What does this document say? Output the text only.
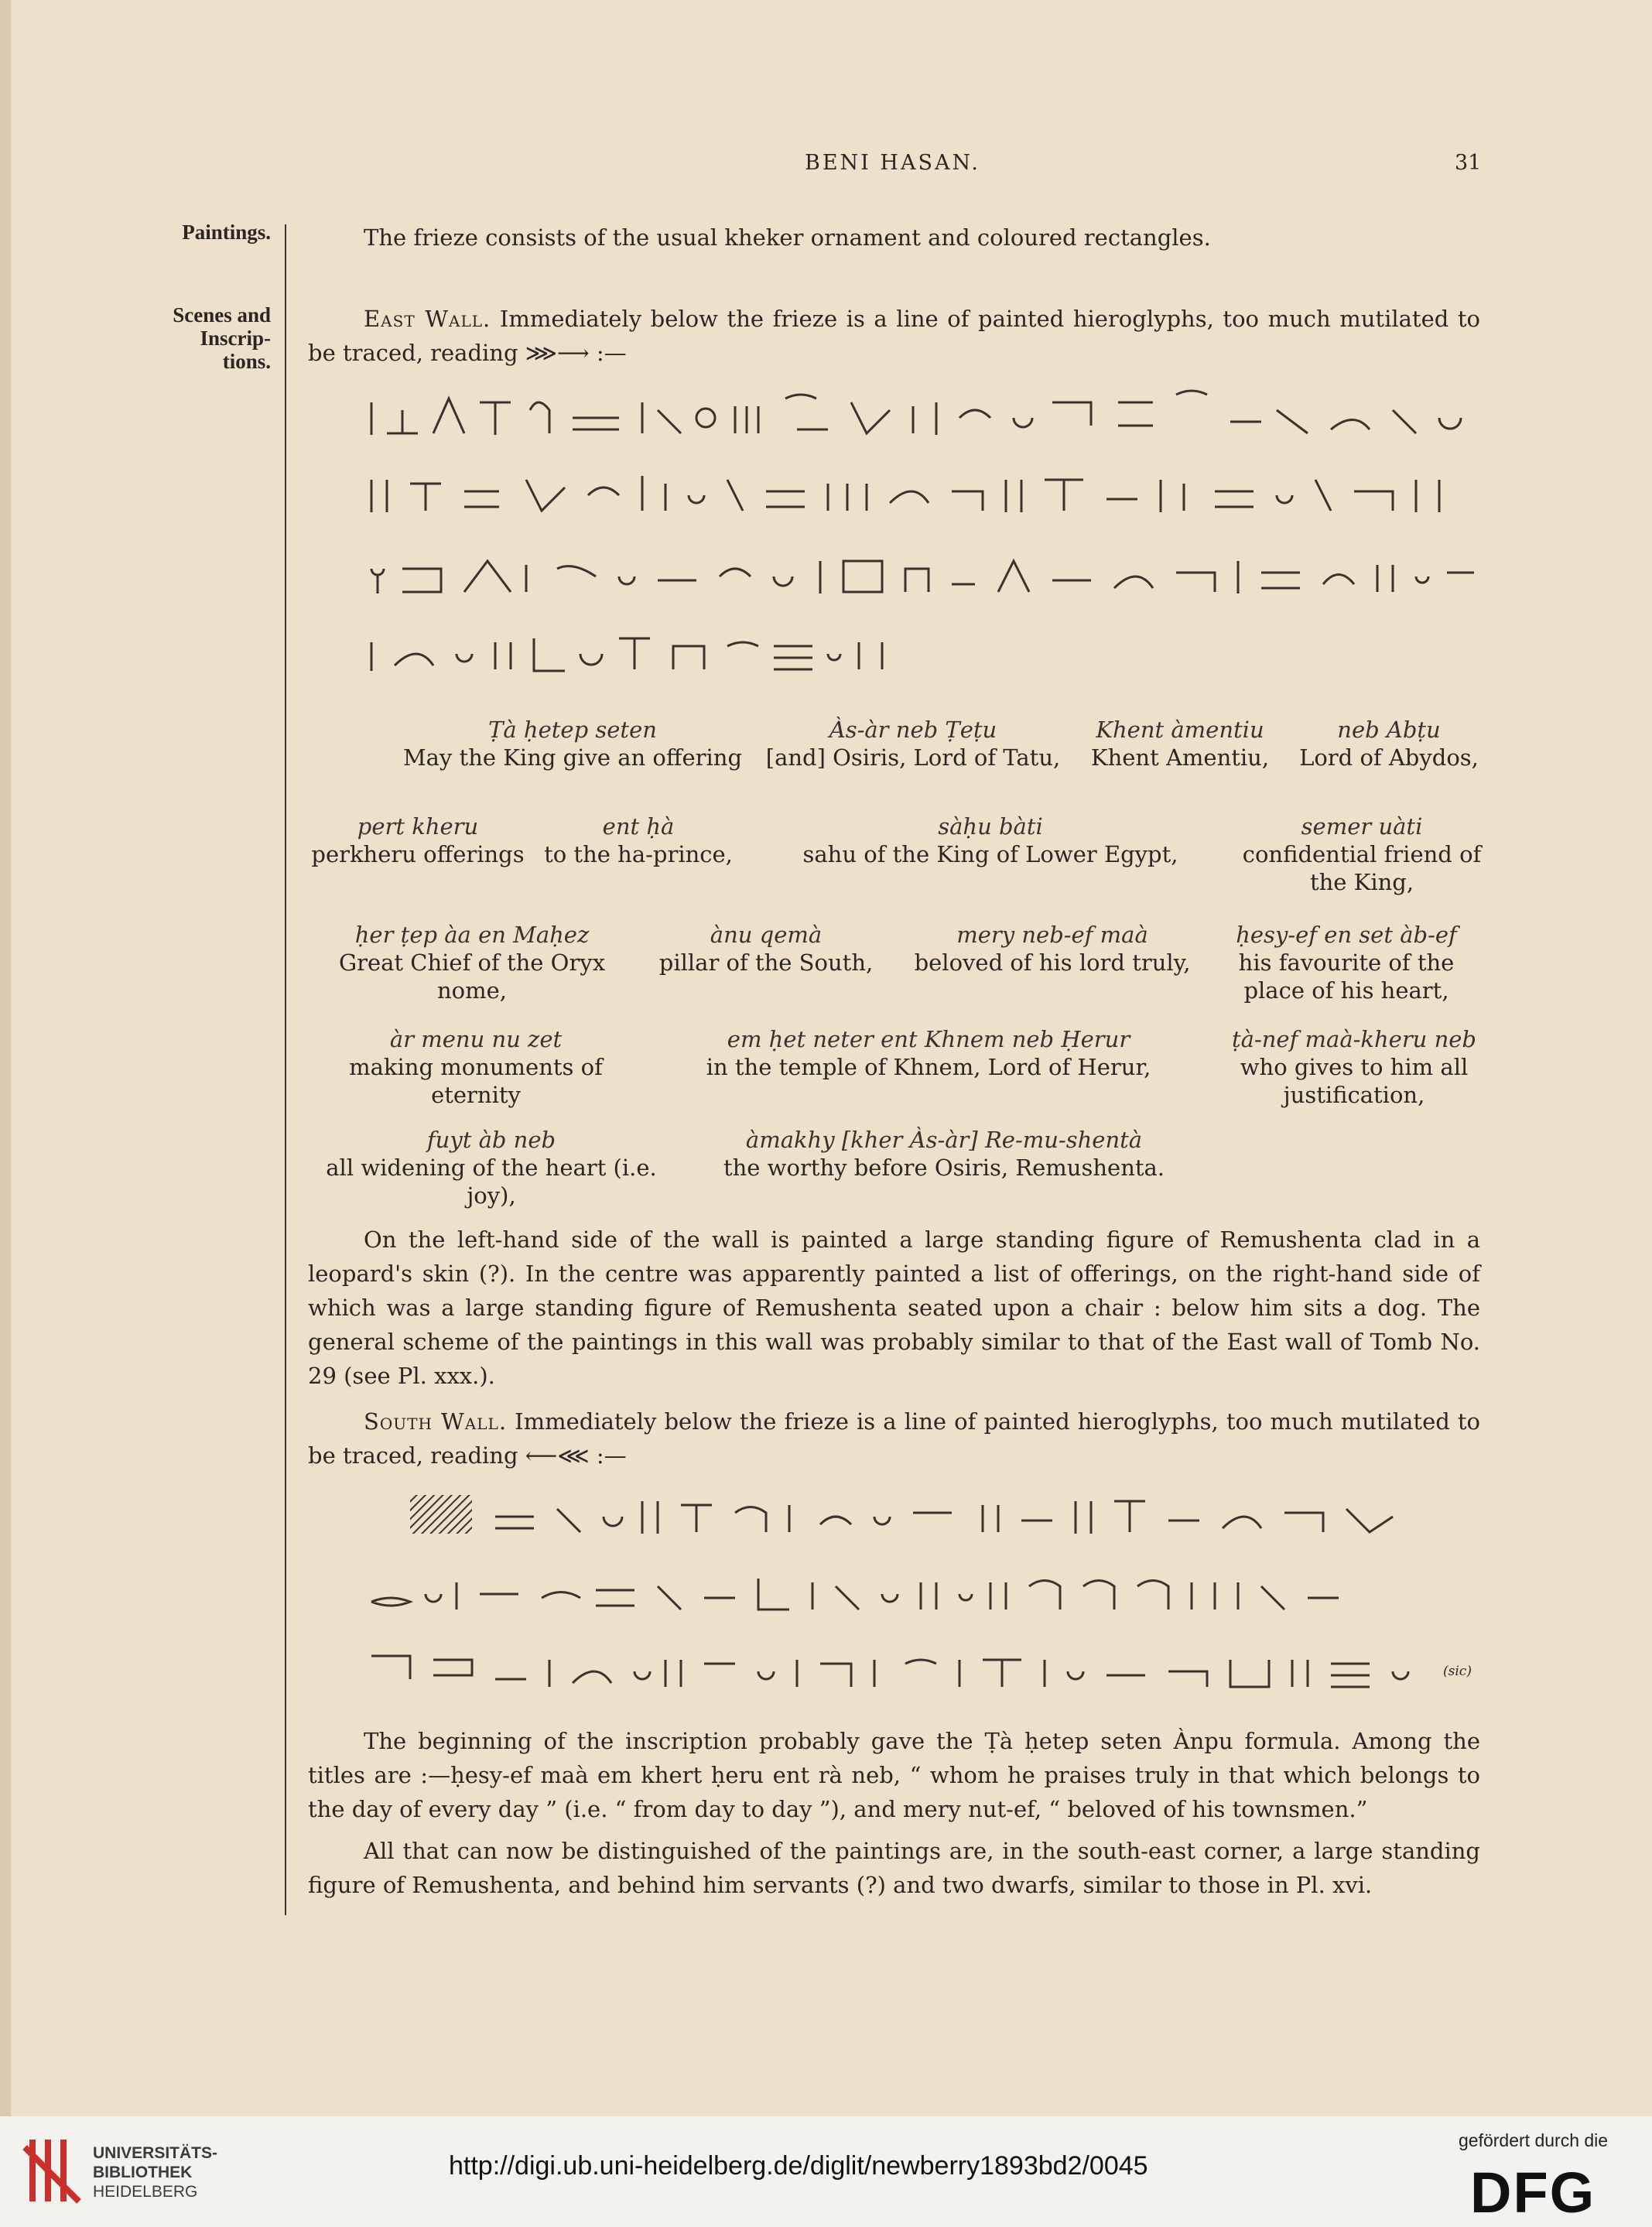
BENI HASAN.	31
Paintings.
Scenes and
Inscrip-
tions.
The frieze consists of the usual kheker ornament and coloured rectangles.
East Wall. Immediately below the frieze is a line of painted hieroglyphs, too much mutilated to be traced, reading ⋙⟶ :—
Ṭà ḥetep seten
May the King give an offering
Às-àr neb Ṭeṭu
[and] Osiris, Lord of Tatu,
Khent àmentiu
Khent Amentiu,
neb Abṭu
Lord of Abydos,
pert kheru
perkheru offerings
ent ḥà
to the ha-prince,
sàḥu bàti
sahu of the King of Lower Egypt,
semer uàti
confidential friend of the King,
ḥer ṭep àa en Maḥez
Great Chief of the Oryx nome,
ànu qemà
pillar of the South,
mery neb-ef maà
beloved of his lord truly,
ḥesy-ef en set àb-ef
his favourite of the place of his heart,
àr menu nu zet
making monuments of eternity
em ḥet neter ent Khnem neb Ḥerur
in the temple of Khnem, Lord of Herur,
ṭà-nef maà-kheru neb
who gives to him all justification,
fuyt àb neb
all widening of the heart (i.e. joy),
àmakhy [kher Às-àr] Re-mu-shentà
the worthy before Osiris, Remushenta.
On the left-hand side of the wall is painted a large standing figure of Remushenta clad in a leopard's skin (?). In the centre was apparently painted a list of offerings, on the right-hand side of which was a large standing figure of Remushenta seated upon a chair : below him sits a dog. The general scheme of the paintings in this wall was probably similar to that of the East wall of Tomb No. 29 (see Pl. xxx.).
South Wall. Immediately below the frieze is a line of painted hieroglyphs, too much mutilated to be traced, reading ⟵⋘ :—
(sic)
The beginning of the inscription probably gave the Ṭà ḥetep seten Ànpu formula. Among the titles are :—ḥesy-ef maà em khert ḥeru ent rà neb, “ whom he praises truly in that which belongs to the day of every day ” (i.e. “ from day to day ”), and mery nut-ef, “ beloved of his townsmen.”
All that can now be distinguished of the paintings are, in the south-east corner, a large standing figure of Remushenta, and behind him servants (?) and two dwarfs, similar to those in Pl. xvi.
UNIVERSITÄTS-
BIBLIOTHEK
HEIDELBERG
http://digi.ub.uni-heidelberg.de/diglit/newberry1893bd2/0045
gefördert durch die
DFG
